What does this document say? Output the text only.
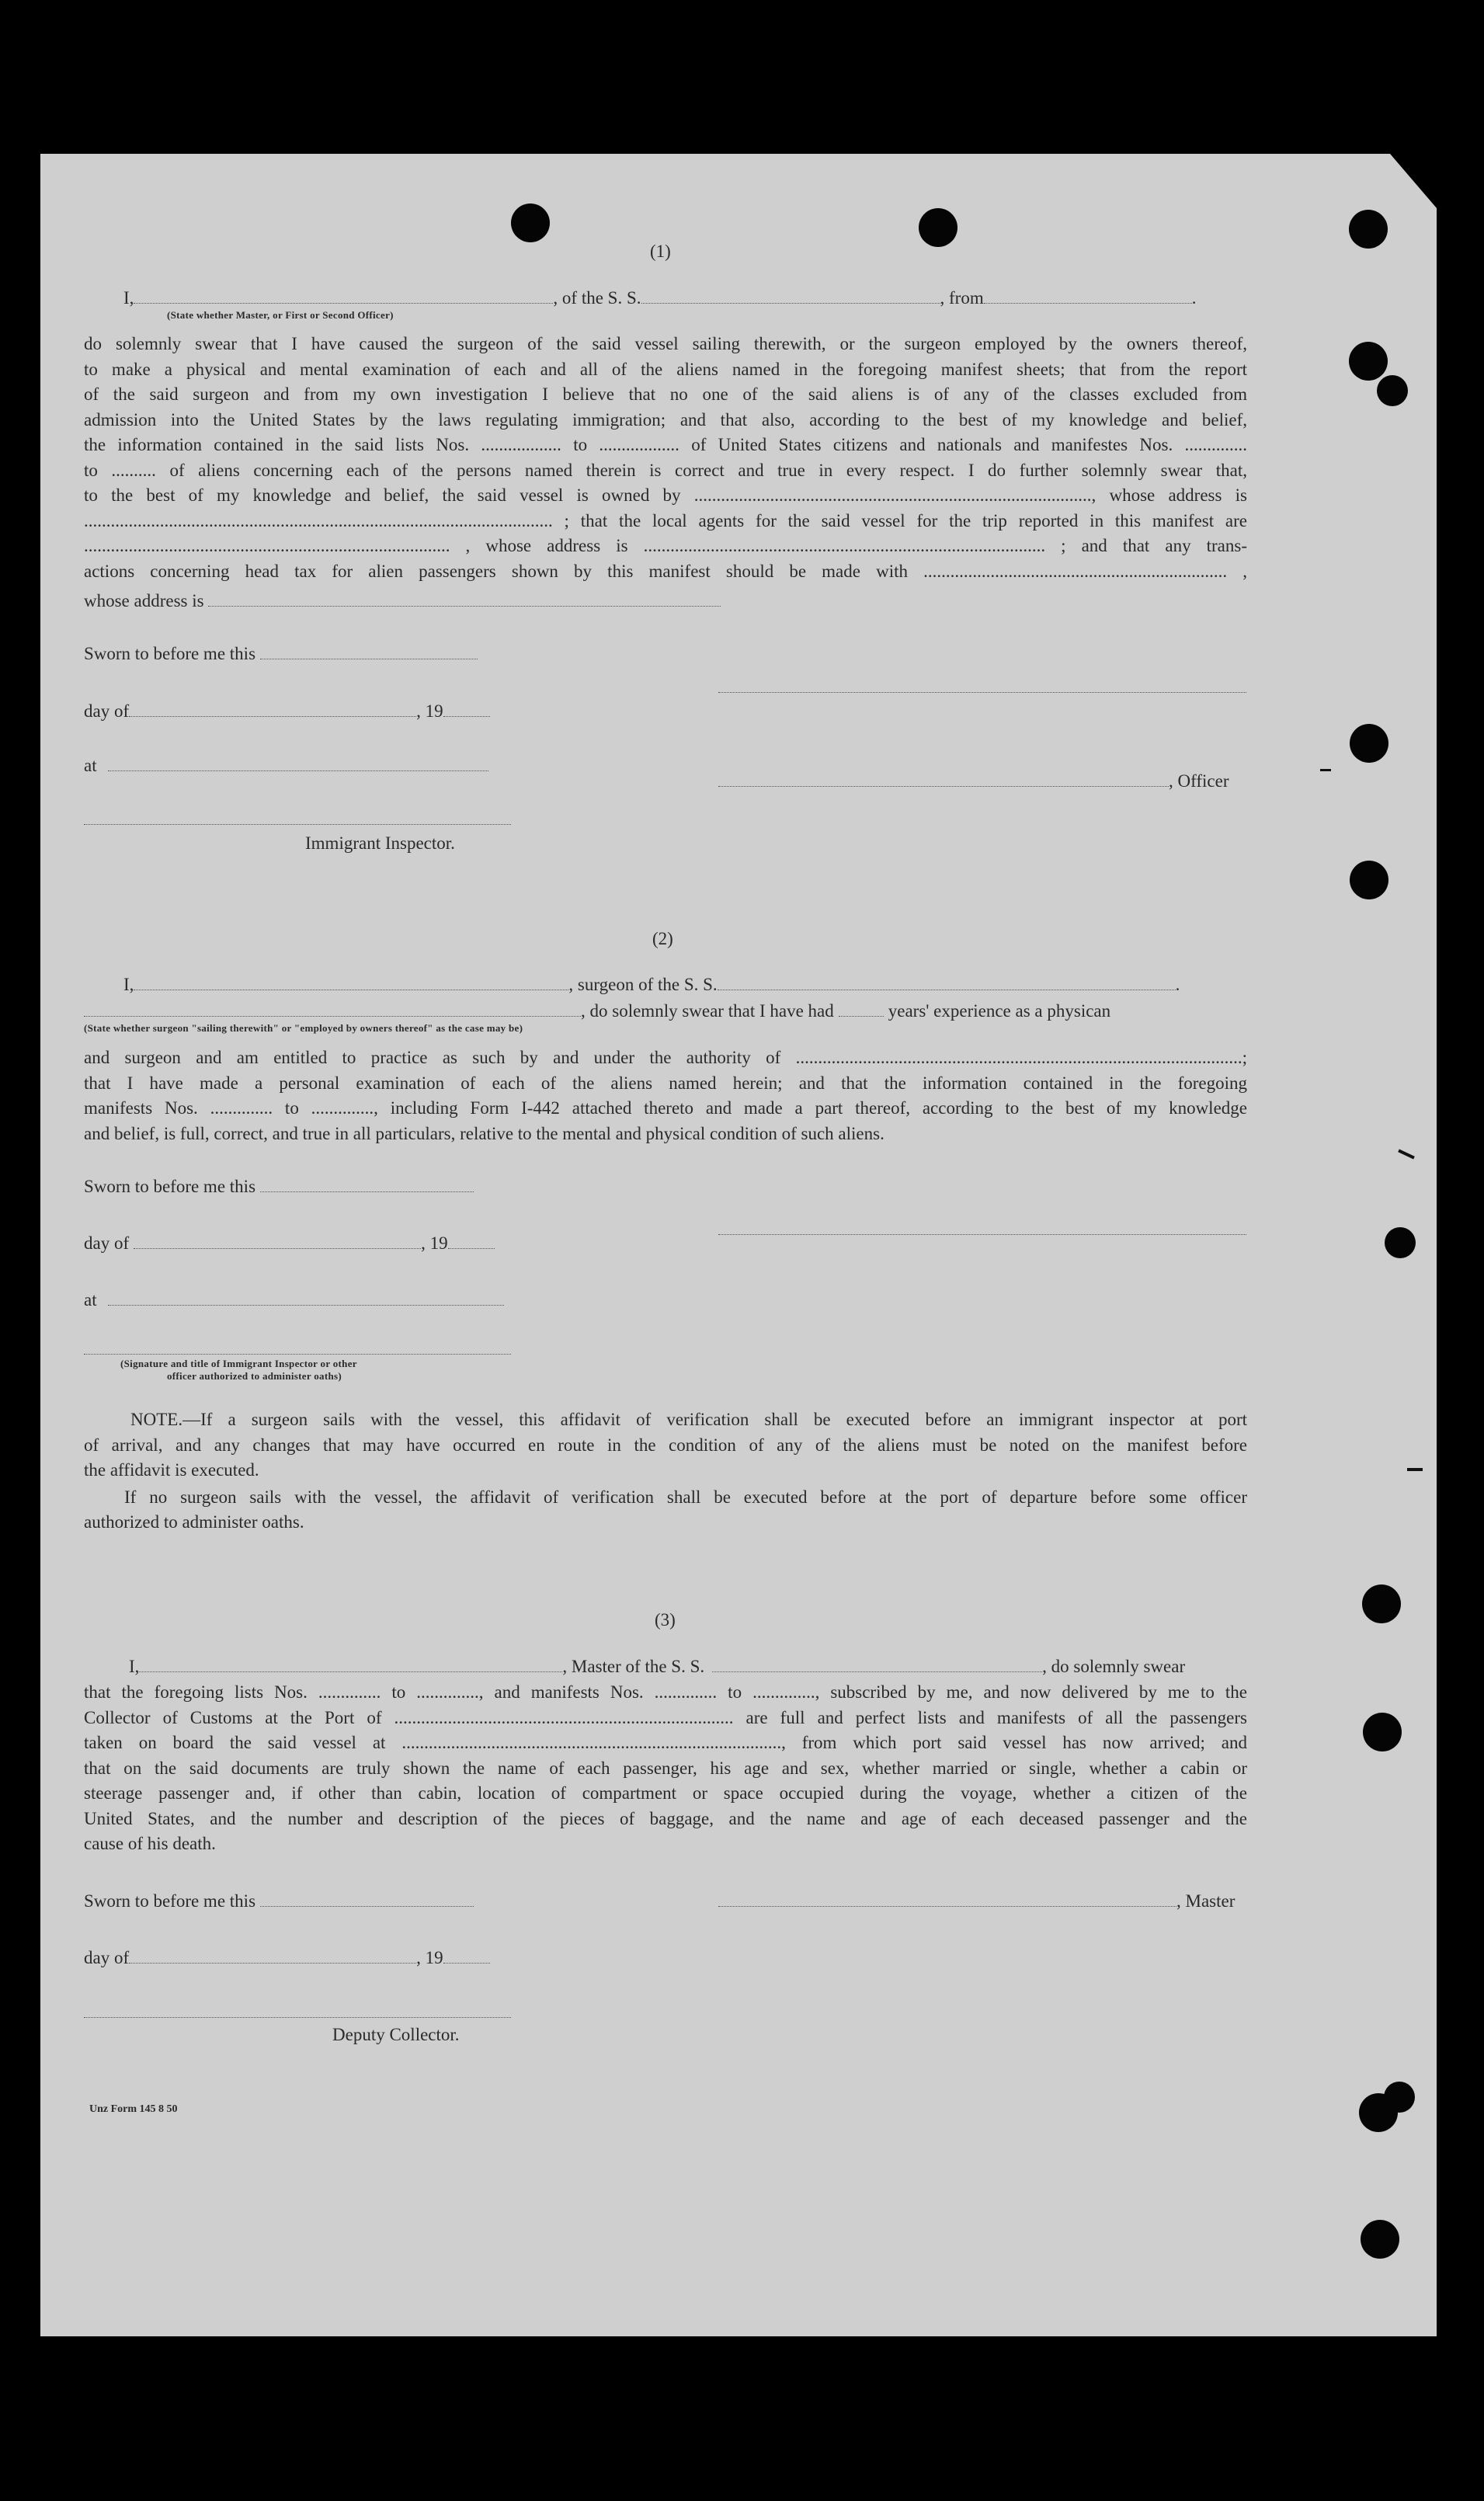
(1)
I,	, of the S. S.	, from	.
(State whether Master, or First or Second Officer)
do solemnly swear that I have caused the surgeon of the said vessel sailing therewith, or the surgeon employed by the owners thereof,
to make a physical and mental examination of each and all of the aliens named in the foregoing manifest sheets; that from the report
of the said surgeon and from my own investigation I believe that no one of the said aliens is of any of the classes excluded from
admission into the United States by the laws regulating immigration; and that also, according to the best of my knowledge and belief,
the information contained in the said lists Nos. .................. to .................. of United States citizens and nationals and manifestes Nos. ..............
to .......... of aliens concerning each of the persons named therein is correct and true in every respect. I do further solemnly swear that,
to the best of my knowledge and belief, the said vessel is owned by ........................................................................................., whose address is
......................................................................................................... ; that the local agents for the said vessel for the trip reported in this manifest are
.................................................................................. , whose address is .......................................................................................... ; and that any trans-
actions concerning head tax for alien passengers shown by this manifest should be made with .................................................................... ,
whose address is
Sworn to before me this
day of	, 19
at
, Officer
Immigrant Inspector.
(2)
I,	, surgeon of the S. S.	.
, do solemnly swear that I have had	years' experience as a physican
(State whether surgeon "sailing therewith" or "employed by owners thereof" as the case may be)
and surgeon and am entitled to practice as such by and under the authority of ....................................................................................................;
that I have made a personal examination of each of the aliens named herein; and that the information contained in the foregoing
manifests Nos. .............. to .............., including Form I-442 attached thereto and made a part thereof, according to the best of my knowledge
and belief, is full, correct, and true in all particulars, relative to the mental and physical condition of such aliens.
Sworn to before me this
day of	, 19
at
(Signature and title of Immigrant Inspector or other
officer authorized to administer oaths)
NOTE.—If a surgeon sails with the vessel, this affidavit of verification shall be executed before an immigrant inspector at port
of arrival, and any changes that may have occurred en route in the condition of any of the aliens must be noted on the manifest before
the affidavit is executed.
If no surgeon sails with the vessel, the affidavit of verification shall be executed before at the port of departure before some officer
authorized to administer oaths.
(3)
I,	, Master of the S. S.	, do solemnly swear
that the foregoing lists Nos. .............. to .............., and manifests Nos. .............. to .............., subscribed by me, and now delivered by me to the
Collector of Customs at the Port of ............................................................................ are full and perfect lists and manifests of all the passengers
taken on board the said vessel at ....................................................................................., from which port said vessel has now arrived; and
that on the said documents are truly shown the name of each passenger, his age and sex, whether married or single, whether a cabin or
steerage passenger and, if other than cabin, location of compartment or space occupied during the voyage, whether a citizen of the
United States, and the number and description of the pieces of baggage, and the name and age of each deceased passenger and the
cause of his death.
Sworn to before me this	, Master
day of	, 19
Deputy Collector.
Unz Form 145 8 50
